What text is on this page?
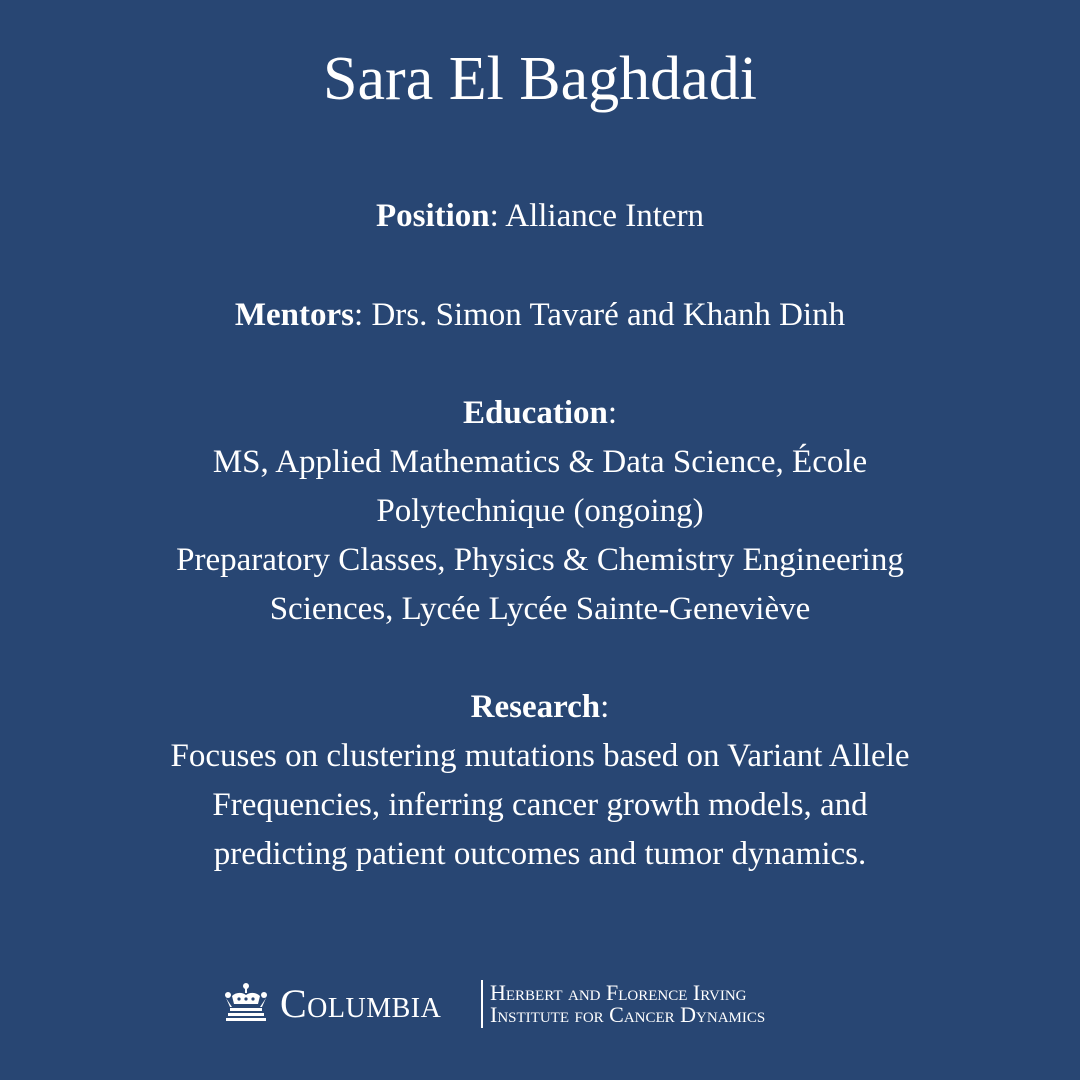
Sara El Baghdadi
Position: Alliance Intern
Mentors: Drs. Simon Tavaré and Khanh Dinh
Education:
MS, Applied Mathematics & Data Science, École
Polytechnique (ongoing)
Preparatory Classes, Physics & Chemistry Engineering
Sciences, Lycée Lycée Sainte-Geneviève
Research:
Focuses on clustering mutations based on Variant Allele
Frequencies, inferring cancer growth models, and
predicting patient outcomes and tumor dynamics.
Columbia Herbert and Florence Irving
Institute for Cancer Dynamics
